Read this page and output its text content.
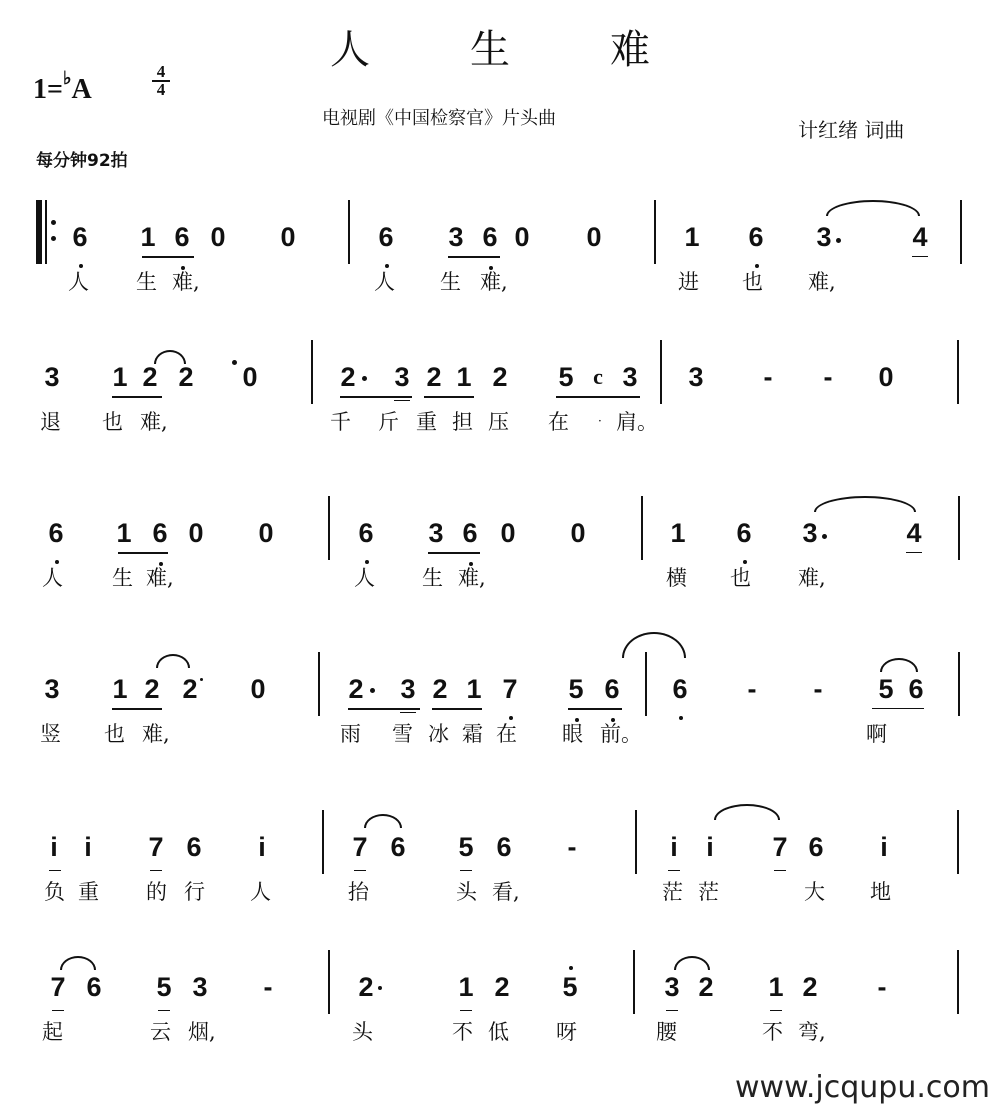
人	生	难
1=♭A
4
4
每分钟92拍
电视剧《中国检察官》片头曲	计红绪 词曲
6 1 6 0 0	6 3 6 0 0	1 6 3	4
人 生 难,	人 生 难,	进 也 难,
3 1 2 2 0	2 3 2 1 2 5 c 3 3 - - 0
退 也 难,	千 斤 重 担 压 在 · 肩。
6 1 6 0 0	6 3 6 0 0	1 6 3	4
人 生 难,	人 生 难,	横 也 难,
3 1 2 2 0	2 3 2 1 7 5 6 6 - - 5 6
竖 也 难,	雨 雪 冰 霜 在 眼 前。	啊
i i 7 6 i	7 6 5 6 -	i i 7 6 i
负 重 的 行 人	抬	头 看,	茫 茫	大 地
7 6 5 3 -	2	1 2 5	3 2 1 2 -
起	云 烟,	头	不 低 呀	腰	不 弯,
www.jcqupu.com
